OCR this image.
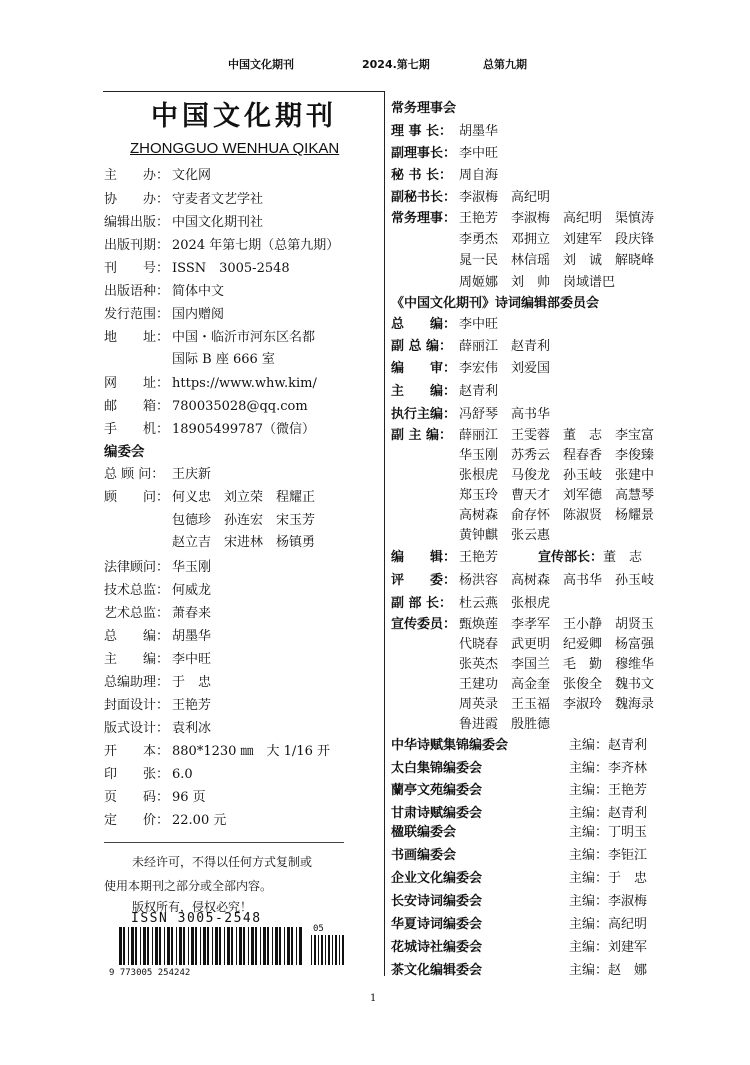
中国文化期刊	2024.第七期	总第九期
中国文化期刊
ZHONGGUO WENHUA QIKAN
主　　办： 文化网
协　　办： 守麦者文艺学社
编辑出版： 中国文化期刊社
出版刊期： 2024 年第七期（总第九期）
刊　　号： ISSN　3005-2548
出版语种： 简体中文
发行范围： 国内赠阅
地　　址： 中国・临沂市河东区名都
国际 B 座 666 室
网　　址： https://www.whw.kim/
邮　　箱： 780035028@qq.com
手　　机： 18905499787（微信）
编委会
总 顾 问： 王庆新
顾　　问： 何义忠　刘立荣　程耀正
包德珍　孙连宏　宋玉芳
赵立吉　宋进林　杨镇勇
法律顾问： 华玉刚
技术总监： 何威龙
艺术总监： 萧春来
总　　编： 胡墨华
主　　编： 李中旺
总编助理： 于　忠
封面设计： 王艳芳
版式设计： 袁利冰
开　　本： 880*1230 ㎜　大 1/16 开
印　　张： 6.0
页　　码： 96 页
定　　价： 22.00 元
未经许可，不得以任何方式复制或
使用本期刊之部分或全部内容。
版权所有，侵权必究！
ISSN 3005-2548
05
9 773005 254242
常务理事会
理 事 长： 胡墨华
副理事长： 李中旺
秘 书 长： 周自海
副秘书长： 李淑梅　高纪明
常务理事： 王艳芳　李淑梅　高纪明　渠慎涛
李勇杰　邓拥立　刘建军　段庆锋
晁一民　林信瑶　刘　诚　解晓峰
周姬娜　刘　帅　岗域谱巴
《中国文化期刊》诗词编辑部委员会
总　　编： 李中旺
副 总 编： 薛丽江　赵青利
编　　审： 李宏伟　刘爱国
主　　编： 赵青利
执行主编： 冯舒琴　高书华
副 主 编： 薛丽江　王雯蓉　董　志　李宝富
华玉刚　苏秀云　程春香　李俊臻
张根虎　马俊龙　孙玉岐　张建中
郑玉玲　曹天才　刘军德　高慧琴
高树森　俞存怀　陈淑贤　杨耀景
黄钟麒　张云惠
编　　辑： 王艳芳	宣传部长：董　志
评　　委： 杨洪容　高树森　高书华　孙玉岐
副 部 长： 杜云燕　张根虎
宣传委员： 甄焕莲　李孝军　王小静　胡贤玉
代晓春　武更明　纪爱卿　杨富强
张英杰　李国兰　毛　勤　穆维华
王建功　高金奎　张俊全　魏书文
周英录　王玉福　李淑玲　魏海录
鲁进霞　殷胜德
中华诗赋集锦编委会	主编：赵青利
太白集锦编委会	主编：李齐林
蘭亭文苑编委会	主编：王艳芳
甘肃诗赋编委会	主编：赵青利
楹联编委会	主编：丁明玉
书画编委会	主编：李钜江
企业文化编委会	主编：于　忠
长安诗词编委会	主编：李淑梅
华夏诗词编委会	主编：高纪明
花城诗社编委会	主编：刘建军
茶文化编辑委会	主编：赵　娜
1
